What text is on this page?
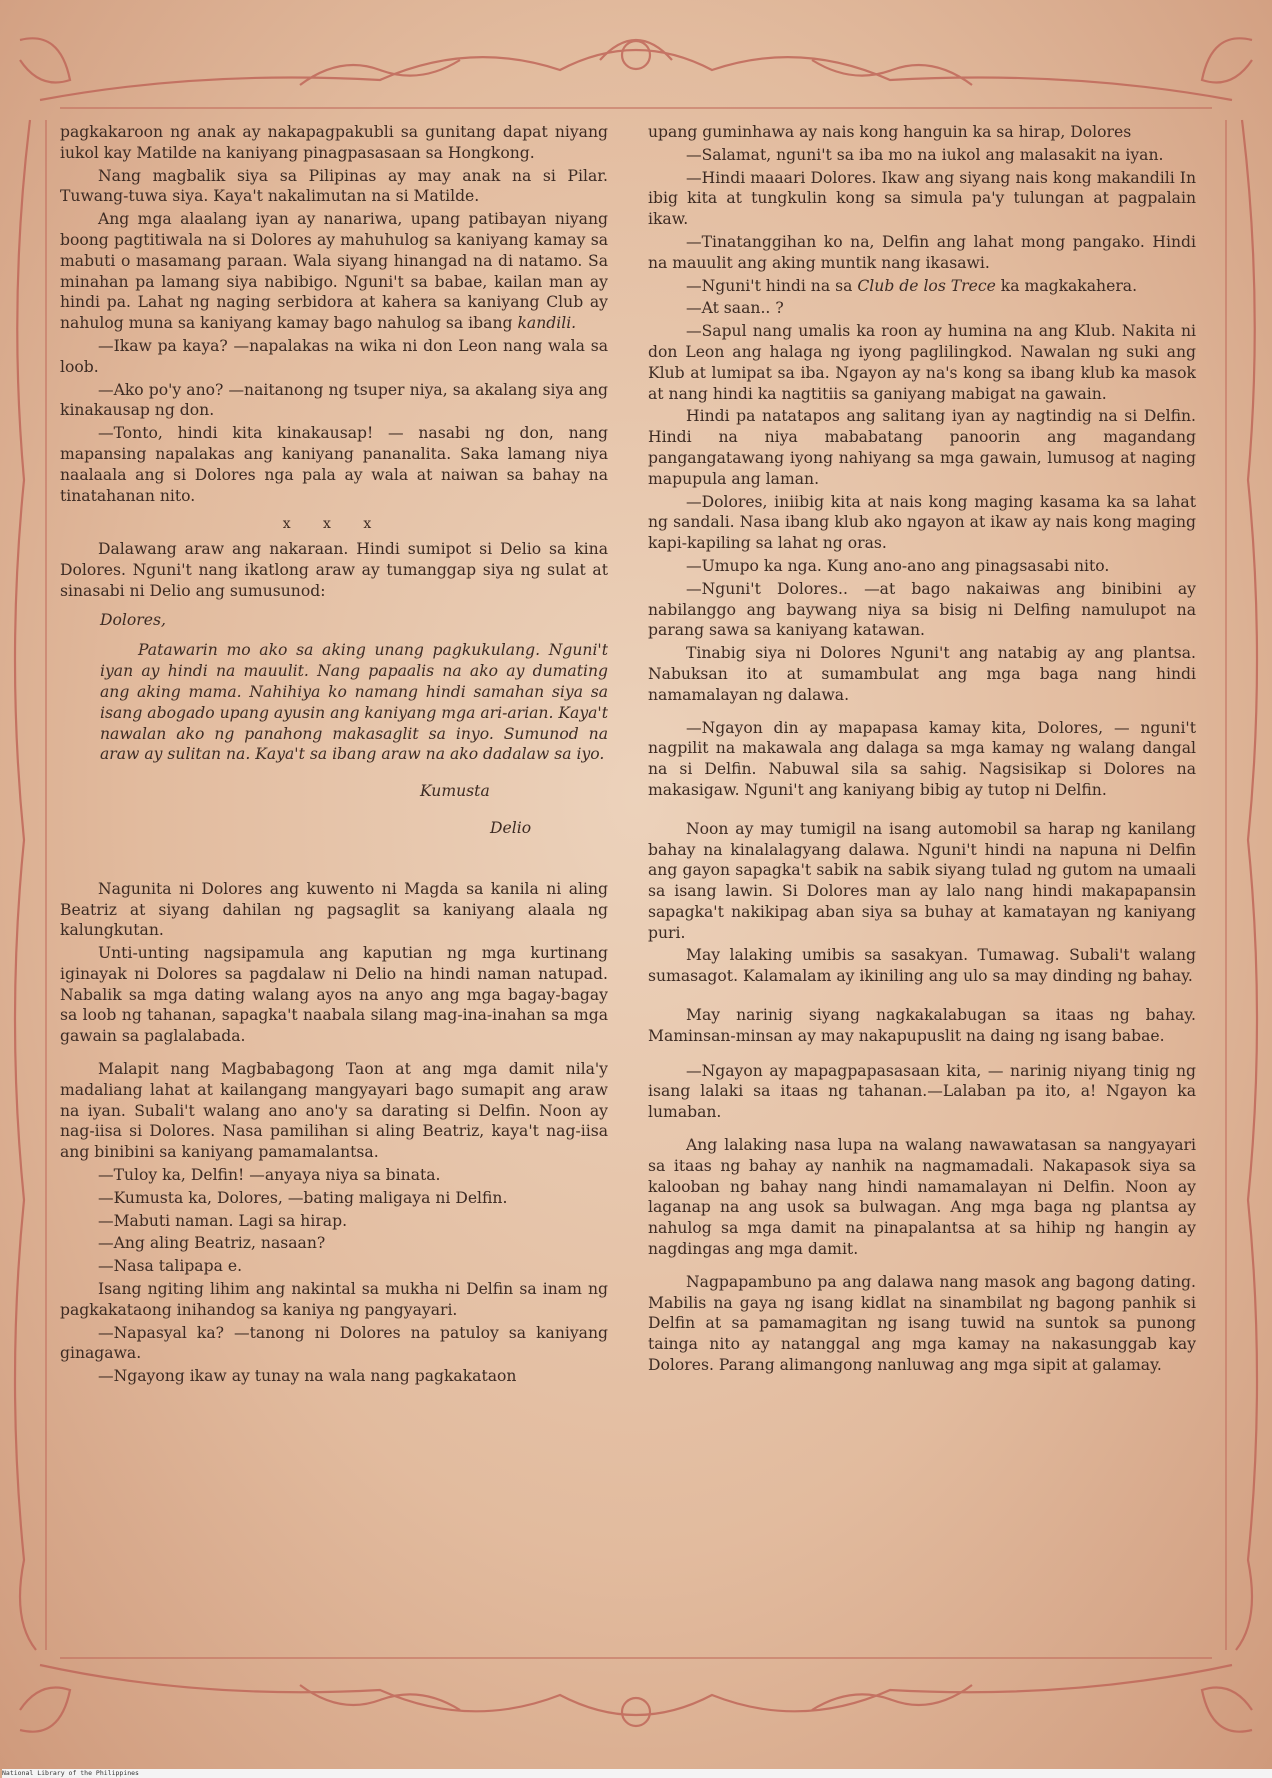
pagkakaroon ng anak ay nakapagpakubli sa gunitang dapat niyang iukol kay Matilde na kaniyang pinagpasasaan sa Hongkong.

Nang magbalik siya sa Pilipinas ay may anak na si Pilar. Tuwang-tuwa siya. Kaya't nakalimutan na si Matilde.

Ang mga alaalang iyan ay nanariwa, upang patibayan niyang boong pagtitiwala na si Dolores ay mahuhulog sa kaniyang kamay sa mabuti o masamang paraan. Wala siyang hinangad na di natamo. Sa minahan pa lamang siya nabibigo. Nguni't sa babae, kailan man ay hindi pa. Lahat ng naging serbidora at kahera sa kaniyang Club ay nahulog muna sa kaniyang kamay bago nahulog sa ibang kandili.

—Ikaw pa kaya? —napalakas na wika ni don Leon nang wala sa loob.

—Ako po'y ano? —naitanong ng tsuper niya, sa akalang siya ang kinakausap ng don.

—Tonto, hindi kita kinakausap! — nasabi ng don, nang mapansing napalakas ang kaniyang pananalita. Saka lamang niya naalaala ang si Dolores nga pala ay wala at naiwan sa bahay na tinatahanan nito.

x x x

Dalawang araw ang nakaraan. Hindi sumipot si Delio sa kina Dolores. Nguni't nang ikatlong araw ay tumanggap siya ng sulat at sinasabi ni Delio ang sumusunod:

Dolores,
Patawarin mo ako sa aking unang pagkukulang. Nguni't iyan ay hindi na mauulit. Nang papaalis na ako ay dumating ang aking mama. Nahihiya ko namang hindi samahan siya sa isang abogado upang ayusin ang kaniyang mga ari-arian. Kaya't nawalan ako ng panahong makasaglit sa inyo. Sumunod na araw ay sulitan na. Kaya't sa ibang araw na ako dadalaw sa iyo.
Kumusta
Delio

Nagunita ni Dolores ang kuwento ni Magda sa kanila ni aling Beatriz at siyang dahilan ng pagsaglit sa kaniyang alaala ng kalungkutan.

Unti-unting nagsipamula ang kaputian ng mga kurtinang iginayak ni Dolores sa pagdalaw ni Delio na hindi naman natupad. Nabalik sa mga dating walang ayos na anyo ang mga bagay-bagay sa loob ng tahanan, sapagka't naabala silang mag-ina-inahan sa mga gawain sa paglalabada.

Malapit nang Magbabagong Taon at ang mga damit nila'y madaliang lahat at kailangang mangyayari bago sumapit ang araw na iyan. Subali't walang ano ano'y sa darating si Delfin. Noon ay nag-iisa si Dolores. Nasa pamilihan si aling Beatriz, kaya't nag-iisa ang binibini sa kaniyang pamamalantsa.

—Tuloy ka, Delfin! —anyaya niya sa binata.

—Kumusta ka, Dolores, —bating maligaya ni Delfin.

—Mabuti naman. Lagi sa hirap.

—Ang aling Beatriz, nasaan?

—Nasa talipapa e.

Isang ngiting lihim ang nakintal sa mukha ni Delfin sa inam ng pagkakataong inihandog sa kaniya ng pangyayari.

—Napasyal ka? —tanong ni Dolores na patuloy sa kaniyang ginagawa.

—Ngayong ikaw ay tunay na wala nang pagkakataon

upang guminhawa ay nais kong hanguin ka sa hirap, Dolores

—Salamat, nguni't sa iba mo na iukol ang malasakit na iyan.

—Hindi maaari Dolores. Ikaw ang siyang nais kong makandili In ibig kita at tungkulin kong sa simula pa'y tulungan at pagpalain ikaw.

—Tinatanggihan ko na, Delfin ang lahat mong pangako. Hindi na mauulit ang aking muntik nang ikasawi.

—Nguni't hindi na sa Club de los Trece ka magkakahera.

—At saan.. ?

—Sapul nang umalis ka roon ay humina na ang Klub. Nakita ni don Leon ang halaga ng iyong paglilingkod. Nawalan ng suki ang Klub at lumipat sa iba. Ngayon ay na's kong sa ibang klub ka masok at nang hindi ka nagtitiis sa ganiyang mabigat na gawain.

Hindi pa natatapos ang salitang iyan ay nagtindig na si Delfin. Hindi na niya mababatang panoorin ang magandang pangangatawang iyong nahiyang sa mga gawain, lumusog at naging mapupula ang laman.

—Dolores, iniibig kita at nais kong maging kasama ka sa lahat ng sandali. Nasa ibang klub ako ngayon at ikaw ay nais kong maging kapi-kapiling sa lahat ng oras.

—Umupo ka nga. Kung ano-ano ang pinagsasabi nito.

—Nguni't Dolores.. —at bago nakaiwas ang binibini ay nabilanggo ang baywang niya sa bisig ni Delfing namulupot na parang sawa sa kaniyang katawan.

Tinabig siya ni Dolores Nguni't ang natabig ay ang plantsa. Nabuksan ito at sumambulat ang mga baga nang hindi namamalayan ng dalawa.

—Ngayon din ay mapapasa kamay kita, Dolores, — nguni't nagpilit na makawala ang dalaga sa mga kamay ng walang dangal na si Delfin. Nabuwal sila sa sahig. Nagsisikap si Dolores na makasigaw. Nguni't ang kaniyang bibig ay tutop ni Delfin.

Noon ay may tumigil na isang automobil sa harap ng kanilang bahay na kinalalagyang dalawa. Nguni't hindi na napuna ni Delfin ang gayon sapagka't sabik na sabik siyang tulad ng gutom na umaali sa isang lawin. Si Dolores man ay lalo nang hindi makapapansin sapagka't nakikipag aban siya sa buhay at kamatayan ng kaniyang puri.

May lalaking umibis sa sasakyan. Tumawag. Subali't walang sumasagot. Kalamalam ay ikiniling ang ulo sa may dinding ng bahay.

May narinig siyang nagkakalabugan sa itaas ng bahay. Maminsan-minsan ay may nakapupuslit na daing ng isang babae.

—Ngayon ay mapagpapasasaan kita, — narinig niyang tinig ng isang lalaki sa itaas ng tahanan.—Lalaban pa ito, a! Ngayon ka lumaban.

Ang lalaking nasa lupa na walang nawawatasan sa nangyayari sa itaas ng bahay ay nanhik na nagmamadali. Nakapasok siya sa kalooban ng bahay nang hindi namamalayan ni Delfin. Noon ay laganap na ang usok sa bulwagan. Ang mga baga ng plantsa ay nahulog sa mga damit na pinapalantsa at sa hihip ng hangin ay nagdingas ang mga damit.

Nagpapambuno pa ang dalawa nang masok ang bagong dating. Mabilis na gaya ng isang kidlat na sinambilat ng bagong panhik si Delfin at sa pamamagitan ng isang tuwid na suntok sa punong tainga nito ay natanggal ang mga kamay na nakasunggab kay Dolores. Parang alimangong nanluwag ang mga sipit at galamay.

National Library of the Philippines
